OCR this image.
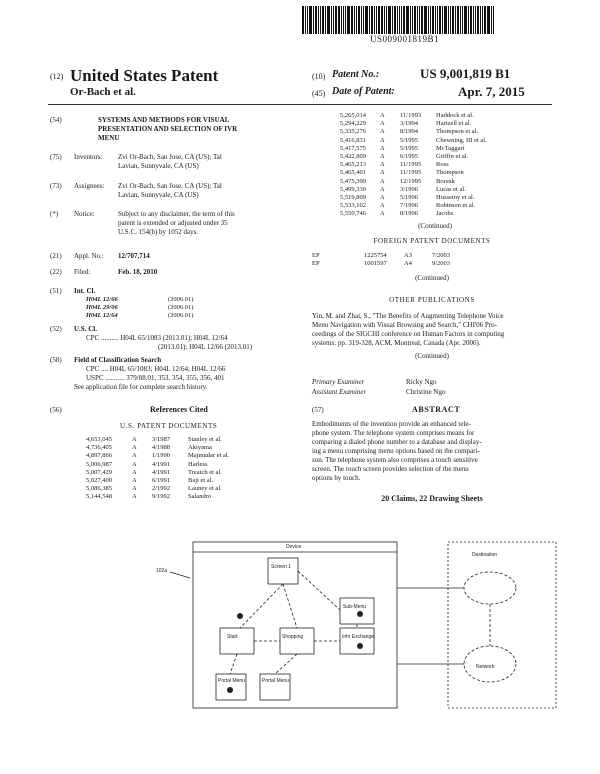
US009001819B1
(12) United States Patent
Or-Bach et al.
(10) Patent No.:	US 9,001,819 B1
(45) Date of Patent:	Apr. 7, 2015
(54)	SYSTEMS AND METHODS FOR VISUAL
PRESENTATION AND SELECTION OF IVR
MENU
(75) Inventors: Zvi Or-Bach, San Jose, CA (US); Tal
Lavian, Sunnyvale, CA (US)
(73) Assignees: Zvi Or-Bach, San Jose, CA (US); Tal
Lavian, Sunnyvale, CA (US)
(*) Notice:	Subject to any disclaimer, the term of this
patent is extended or adjusted under 35
U.S.C. 154(b) by 1052 days.
(21) Appl. No.: 12/707,714
(22) Filed:	Feb. 18, 2010
(51) Int. Cl.
H04L 12/66	(2006.01)
H04L 29/06	(2006.01)
H04L 12/64	(2006.01)
(52) U.S. Cl.
CPC .......... H04L 65/1083 (2013.01); H04L 12/64
(2013.01); H04L 12/66 (2013.01)
(58) Field of Classification Search
CPC .... H04L 65/1083; H04L 12/64; H04L 12/66
USPC ........... 379/88.01, 353, 354, 355, 356, 401
See application file for complete search history.
(56)	References Cited
U.S. PATENT DOCUMENTS
4,653,045	A	3/1987	Stanley et al.
4,736,405	A	4/1988	Akiyama
4,897,866	A	1/1990	Majmudar et al.
5,006,987	A	4/1991	Harless
5,007,429	A	4/1991	Treatch et al.
5,027,400	A	6/1991	Baji et al.
5,086,385	A	2/1992	Launey et al.
5,144,548	A	9/1992	Salandro
5,265,014	A	11/1993	Haddock et al.
5,294,229	A	3/1994	Hartzell et al.
5,335,276	A	8/1994	Thompson et al.
5,416,831	A	5/1995	Chewning, III et al.
5,417,575	A	5/1995	McTaggart
5,422,809	A	6/1995	Griffin et al.
5,465,213	A	11/1995	Ross
5,465,401	A	11/1995	Thompson
5,475,399	A	12/1995	Borsuk
5,499,330	A	3/1996	Lucas et al.
5,519,809	A	5/1996	Husseiny et al.
5,533,102	A	7/1996	Robinson et al.
5,550,746	A	8/1996	Jacobs
(Continued)
FOREIGN PATENT DOCUMENTS
EP	1225754	A3	7/2003
EP	1001597	A4	9/2003
(Continued)
OTHER PUBLICATIONS
Yin, M. and Zhai, S., "The Benefits of Augmenting Telephone Voice
Menu Navigation with Visual Browsing and Search," CHI'06 Pro-
ceedings of the SIGCHI conference on Human Factors in computing
systems: pp. 319-328, ACM, Montreal, Canada (Apr. 2006).
(Continued)
Primary Examiner	Ricky Ngo
Assistant Examiner	Christine Ngo
(57)	ABSTRACT
Embodiments of the invention provide an enhanced tele-
phone system. The telephone system comprises means for
comparing a dialed phone number to a database and display-
ing a menu comprising menu options based on the compari-
son. The telephone system also comprises a touch sensitive
screen. The touch screen provides selection of the menu
options by touch.
20 Claims, 22 Drawing Sheets
Device
102a
Screen 1
Sub-Menu
Start	Shopping	Info Exchange
Portal Menu	Portal Menu
Destination
Network
